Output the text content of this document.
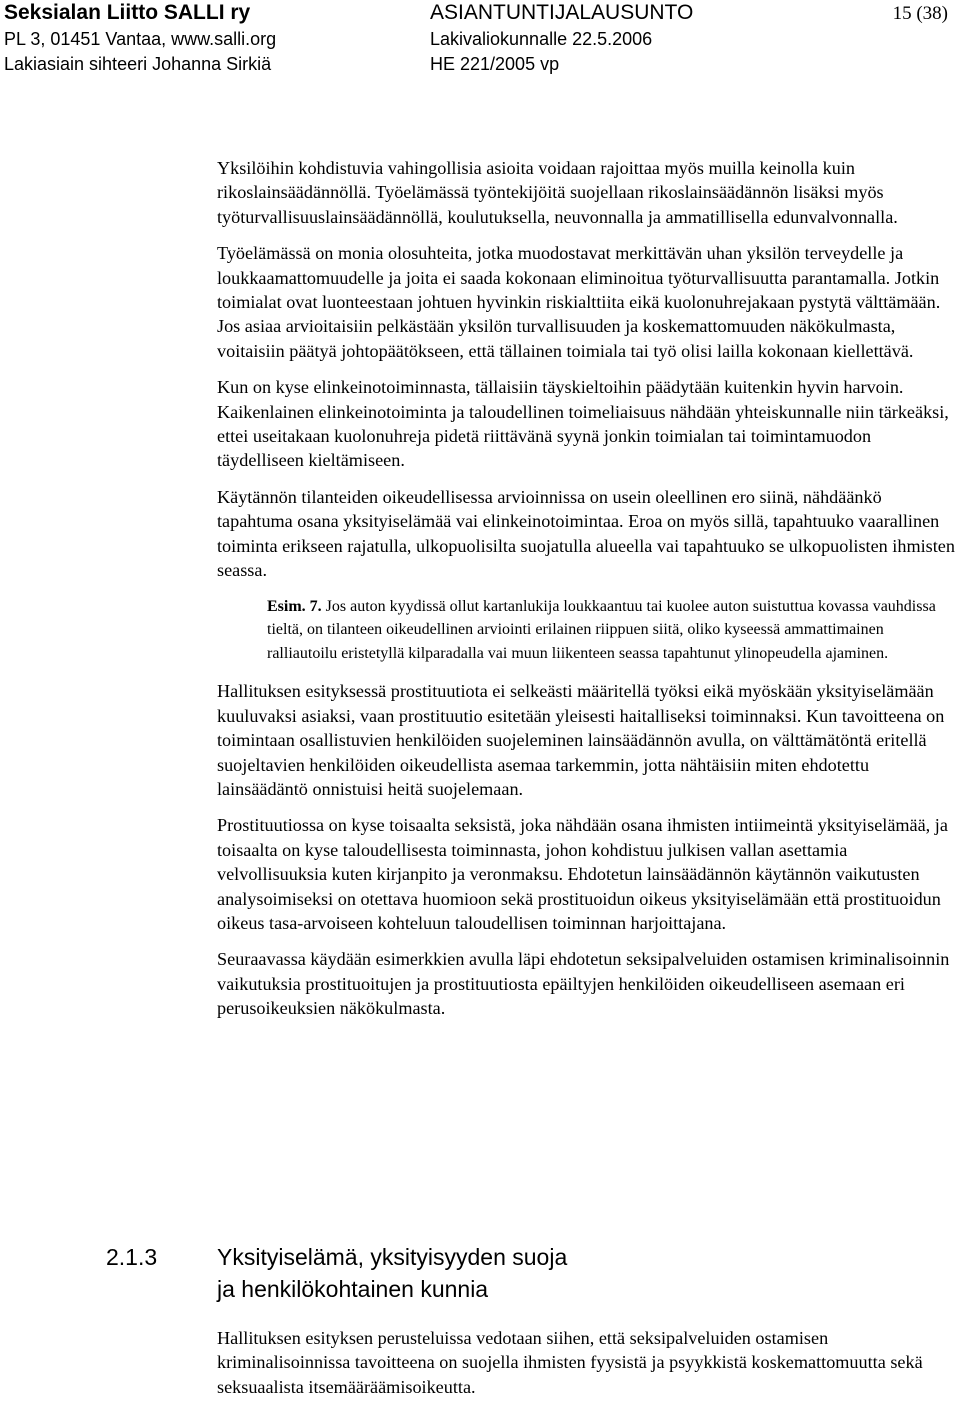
Seksialan Liitto SALLI ry
PL 3, 01451 Vantaa, www.salli.org
Lakiasiain sihteeri Johanna Sirkiä
ASIANTUNTIJALAUSUNTO
Lakivaliokunnalle 22.5.2006
HE 221/2005 vp
15 (38)

Yksilöihin kohdistuvia vahingollisia asioita voidaan rajoittaa myös muilla keinolla kuin rikoslainsäädännöllä. Työelämässä työntekijöitä suojellaan rikoslainsäädännön lisäksi myös työturvallisuuslainsäädännöllä, koulutuksella, neuvonnalla ja ammatillisella edunvalvonnalla.

Työelämässä on monia olosuhteita, jotka muodostavat merkittävän uhan yksilön terveydelle ja loukkaamattomuudelle ja joita ei saada kokonaan eliminoitua työturvallisuutta parantamalla. Jotkin toimialat ovat luonteestaan johtuen hyvinkin riskialttiita eikä kuolonuhrejakaan pystytä välttämään. Jos asiaa arvioitaisiin pelkästään yksilön turvallisuuden ja koskemattomuuden näkökulmasta, voitaisiin päätyä johtopäätökseen, että tällainen toimiala tai työ olisi lailla kokonaan kiellettävä.

Kun on kyse elinkeinotoiminnasta, tällaisiin täyskieltoihin päädytään kuitenkin hyvin harvoin. Kaikenlainen elinkeinotoiminta ja taloudellinen toimeliaisuus nähdään yhteiskunnalle niin tärkeäksi, ettei useitakaan kuolonuhreja pidetä riittävänä syynä jonkin toimialan tai toimintamuodon täydelliseen kieltämiseen.

Käytännön tilanteiden oikeudellisessa arvioinnissa on usein oleellinen ero siinä, nähdäänkö tapahtuma osana yksityiselämää vai elinkeinotoimintaa. Eroa on myös sillä, tapahtuuko vaarallinen toiminta erikseen rajatulla, ulkopuolisilta suojatulla alueella vai tapahtuuko se ulkopuolisten ihmisten seassa.

Esim. 7. Jos auton kyydissä ollut kartanlukija loukkaantuu tai kuolee auton suistuttua kovassa vauhdissa tieltä, on tilanteen oikeudellinen arviointi erilainen riippuen siitä, oliko kyseessä ammattimainen ralliautoilu eristetyllä kilparadalla vai muun liikenteen seassa tapahtunut ylinopeudella ajaminen.

Hallituksen esityksessä prostituutiota ei selkeästi määritellä työksi eikä myöskään yksityiselämään kuuluvaksi asiaksi, vaan prostituutio esitetään yleisesti haitalliseksi toiminnaksi. Kun tavoitteena on toimintaan osallistuvien henkilöiden suojeleminen lainsäädännön avulla, on välttämätöntä eritellä suojeltavien henkilöiden oikeudellista asemaa tarkemmin, jotta nähtäisiin miten ehdotettu lainsäädäntö onnistuisi heitä suojelemaan.

Prostituutiossa on kyse toisaalta seksistä, joka nähdään osana ihmisten intiimeintä yksityiselämää, ja toisaalta on kyse taloudellisesta toiminnasta, johon kohdistuu julkisen vallan asettamia velvollisuuksia kuten kirjanpito ja veronmaksu. Ehdotetun lainsäädännön käytännön vaikutusten analysoimiseksi on otettava huomioon sekä prostituoidun oikeus yksityiselämään että prostituoidun oikeus tasa-arvoiseen kohteluun taloudellisen toiminnan harjoittajana.

Seuraavassa käydään esimerkkien avulla läpi ehdotetun seksipalveluiden ostamisen kriminalisoinnin vaikutuksia prostituoitujen ja prostituutiosta epäiltyjen henkilöiden oikeudelliseen asemaan eri perusoikeuksien näkökulmasta.

2.1.3	Yksityiselämä, yksityisyyden suoja
ja henkilökohtainen kunnia

Hallituksen esityksen perusteluissa vedotaan siihen, että seksipalveluiden ostamisen kriminalisoinnissa tavoitteena on suojella ihmisten fyysistä ja psyykkistä koskemattomuutta sekä seksuaalista itsemääräämisoikeutta.
